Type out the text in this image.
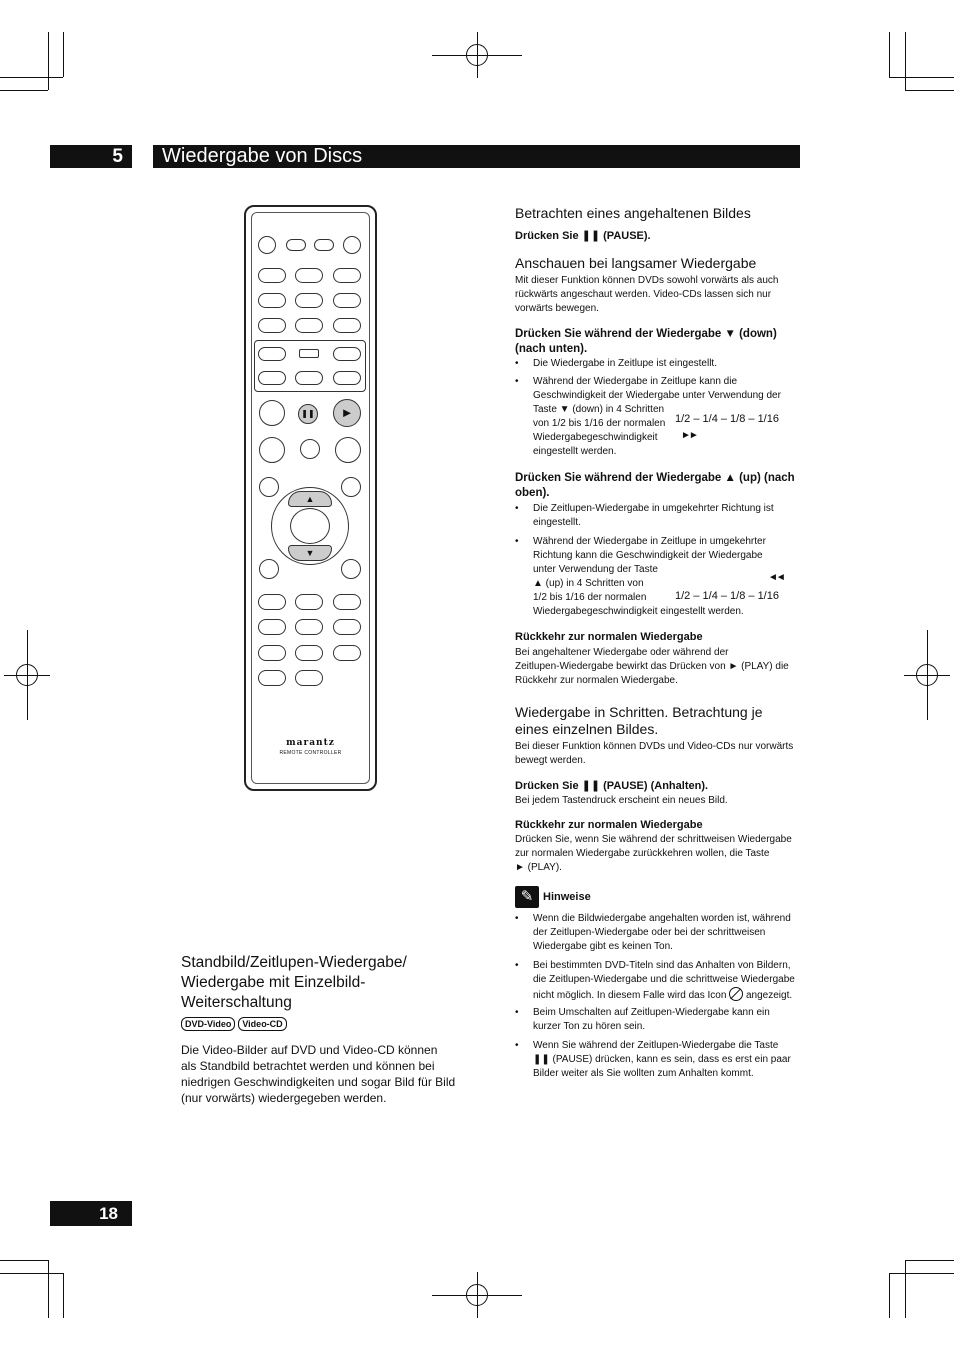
5	Wiedergabe von Discs
❚❚	►
▲
▼
marantz
REMOTE CONTROLLER
Standbild/Zeitlupen-Wiedergabe/
Wiedergabe mit Einzelbild-
Weiterschaltung
DVD-Video	Video-CD
Die Video-Bilder auf DVD und Video-CD können
als Standbild betrachtet werden und können bei
niedrigen Geschwindigkeiten und sogar Bild für Bild
(nur vorwärts) wiedergegeben werden.
Betrachten eines angehaltenen Bildes
Drücken Sie ❚❚ (PAUSE).
Anschauen bei langsamer Wiedergabe
Mit dieser Funktion können DVDs sowohl vorwärts als auch
rückwärts angeschaut werden. Video-CDs lassen sich nur
vorwärts bewegen.
Drücken Sie während der Wiedergabe ▼ (down)
(nach unten).
• Die Wiedergabe in Zeitlupe ist eingestellt.
• Während der Wiedergabe in Zeitlupe kann die
Geschwindigkeit der Wiedergabe unter Verwendung der
Taste ▼ (down) in 4 Schritten
von 1/2 bis 1/16 der normalen
Wiedergabegeschwindigkeit
eingestellt werden.
1/2 – 1/4 – 1/8 – 1/16
►►
Drücken Sie während der Wiedergabe ▲ (up) (nach
oben).
• Die Zeitlupen-Wiedergabe in umgekehrter Richtung ist
eingestellt.
• Während der Wiedergabe in Zeitlupe in umgekehrter
Richtung kann die Geschwindigkeit der Wiedergabe
unter Verwendung der Taste
▲ (up) in 4 Schritten von
1/2 bis 1/16 der normalen
Wiedergabegeschwindigkeit eingestellt werden.
◄◄
1/2 – 1/4 – 1/8 – 1/16
Rückkehr zur normalen Wiedergabe
Bei angehaltener Wiedergabe oder während der
Zeitlupen-Wiedergabe bewirkt das Drücken von ► (PLAY) die
Rückkehr zur normalen Wiedergabe.
Wiedergabe in Schritten. Betrachtung je
eines einzelnen Bildes.
Bei dieser Funktion können DVDs und Video-CDs nur vorwärts
bewegt werden.
Drücken Sie ❚❚ (PAUSE) (Anhalten).
Bei jedem Tastendruck erscheint ein neues Bild.
Rückkehr zur normalen Wiedergabe
Drücken Sie, wenn Sie während der schrittweisen Wiedergabe
zur normalen Wiedergabe zurückkehren wollen, die Taste
► (PLAY).
✎ Hinweise
• Wenn die Bildwiedergabe angehalten worden ist, während
der Zeitlupen-Wiedergabe oder bei der schrittweisen
Wiedergabe gibt es keinen Ton.
• Bei bestimmten DVD-Titeln sind das Anhalten von Bildern,
die Zeitlupen-Wiedergabe und die schrittweise Wiedergabe
nicht möglich. In diesem Falle wird das Icon angezeigt.
• Beim Umschalten auf Zeitlupen-Wiedergabe kann ein
kurzer Ton zu hören sein.
• Wenn Sie während der Zeitlupen-Wiedergabe die Taste
❚❚ (PAUSE) drücken, kann es sein, dass es erst ein paar
Bilder weiter als Sie wollten zum Anhalten kommt.
18
